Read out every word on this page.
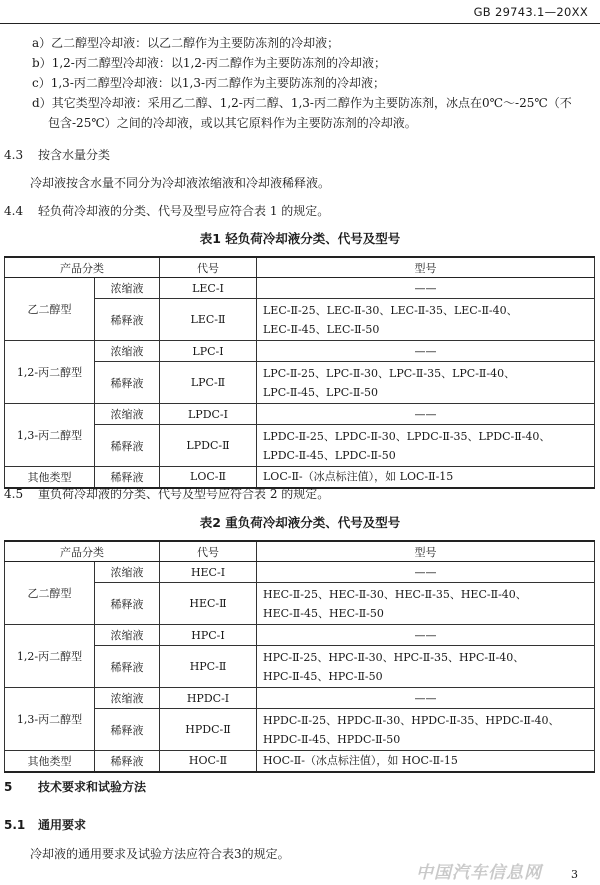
GB 29743.1—20XX
a）乙二醇型冷却液：以乙二醇作为主要防冻剂的冷却液；
b）1,2-丙二醇型冷却液：以1,2-丙二醇作为主要防冻剂的冷却液；
c）1,3-丙二醇型冷却液：以1,3-丙二醇作为主要防冻剂的冷却液；
d）其它类型冷却液：采用乙二醇、1,2-丙二醇、1,3-丙二醇作为主要防冻剂，冰点在0℃～-25℃（不
包含-25℃）之间的冷却液，或以其它原料作为主要防冻剂的冷却液。
4.3 按含水量分类
冷却液按含水量不同分为冷却液浓缩液和冷却液稀释液。
4.4 轻负荷冷却液的分类、代号及型号应符合表 1 的规定。
表1 轻负荷冷却液分类、代号及型号
产品分类		代号	型号
乙二醇型	浓缩液	LEC-Ⅰ	——
	稀释液	LEC-Ⅱ	LEC-Ⅱ-25、LEC-Ⅱ-30、LEC-Ⅱ-35、LEC-Ⅱ-40、
LEC-Ⅱ-45、LEC-Ⅱ-50

1,2-丙二醇型	浓缩液	LPC-Ⅰ	——
	稀释液	LPC-Ⅱ	LPC-Ⅱ-25、LPC-Ⅱ-30、LPC-Ⅱ-35、LPC-Ⅱ-40、
LPC-Ⅱ-45、LPC-Ⅱ-50

1,3-丙二醇型	浓缩液	LPDC-Ⅰ	——
	稀释液	LPDC-Ⅱ	LPDC-Ⅱ-25、LPDC-Ⅱ-30、LPDC-Ⅱ-35、LPDC-Ⅱ-40、
LPDC-Ⅱ-45、LPDC-Ⅱ-50

其他类型	稀释液	LOC-Ⅱ	LOC-Ⅱ-（冰点标注值），如 LOC-Ⅱ-15
4.5 重负荷冷却液的分类、代号及型号应符合表 2 的规定。
表2 重负荷冷却液分类、代号及型号
产品分类		代号	型号
乙二醇型	浓缩液	HEC-Ⅰ	——
	稀释液	HEC-Ⅱ	HEC-Ⅱ-25、HEC-Ⅱ-30、HEC-Ⅱ-35、HEC-Ⅱ-40、
HEC-Ⅱ-45、HEC-Ⅱ-50

1,2-丙二醇型	浓缩液	HPC-Ⅰ	——
	稀释液	HPC-Ⅱ	HPC-Ⅱ-25、HPC-Ⅱ-30、HPC-Ⅱ-35、HPC-Ⅱ-40、
HPC-Ⅱ-45、HPC-Ⅱ-50

1,3-丙二醇型	浓缩液	HPDC-Ⅰ	——
	稀释液	HPDC-Ⅱ	HPDC-Ⅱ-25、HPDC-Ⅱ-30、HPDC-Ⅱ-35、HPDC-Ⅱ-40、
HPDC-Ⅱ-45、HPDC-Ⅱ-50

其他类型	稀释液	HOC-Ⅱ	HOC-Ⅱ-（冰点标注值），如 HOC-Ⅱ-15
5 技术要求和试验方法
5.1 通用要求
冷却液的通用要求及试验方法应符合表3的规定。
中国汽车信息网	3
